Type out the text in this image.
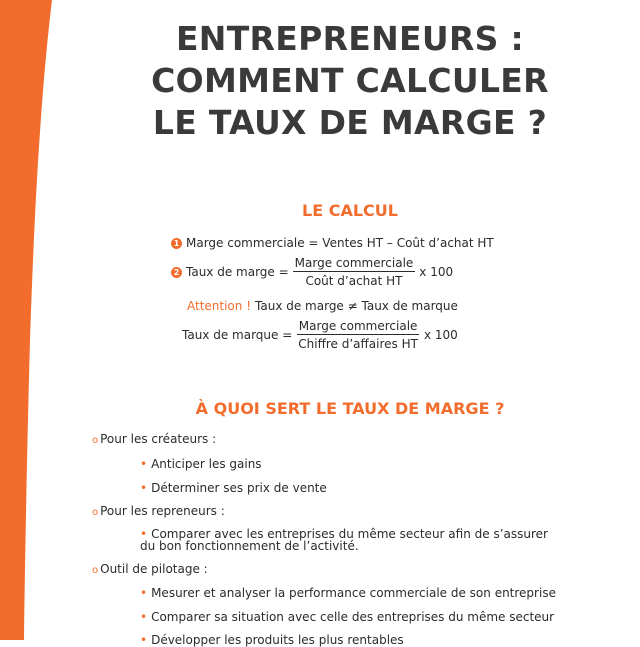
ENTREPRENEURS :
COMMENT CALCULER
LE TAUX DE MARGE ?
LE CALCUL
1 Marge commerciale = Ventes HT – Coût d’achat HT
2 Taux de marge = $\frac{\text{Marge commerciale}}{\text{Coût d’achat HT}}$ x 100
Attention ! Taux de marge ≠ Taux de marque
Taux de marque = $\frac{\text{Marge commerciale}}{\text{Chiffre d’affaires HT}}$ x 100
À QUOI SERT LE TAUX DE MARGE ?
o Pour les créateurs :
• Anticiper les gains
• Déterminer ses prix de vente
o Pour les repreneurs :
• Comparer avec les entreprises du même secteur afin de s’assurer du bon fonctionnement de l’activité.
o Outil de pilotage :
• Mesurer et analyser la performance commerciale de son entreprise
• Comparer sa situation avec celle des entreprises du même secteur
• Développer les produits les plus rentables
